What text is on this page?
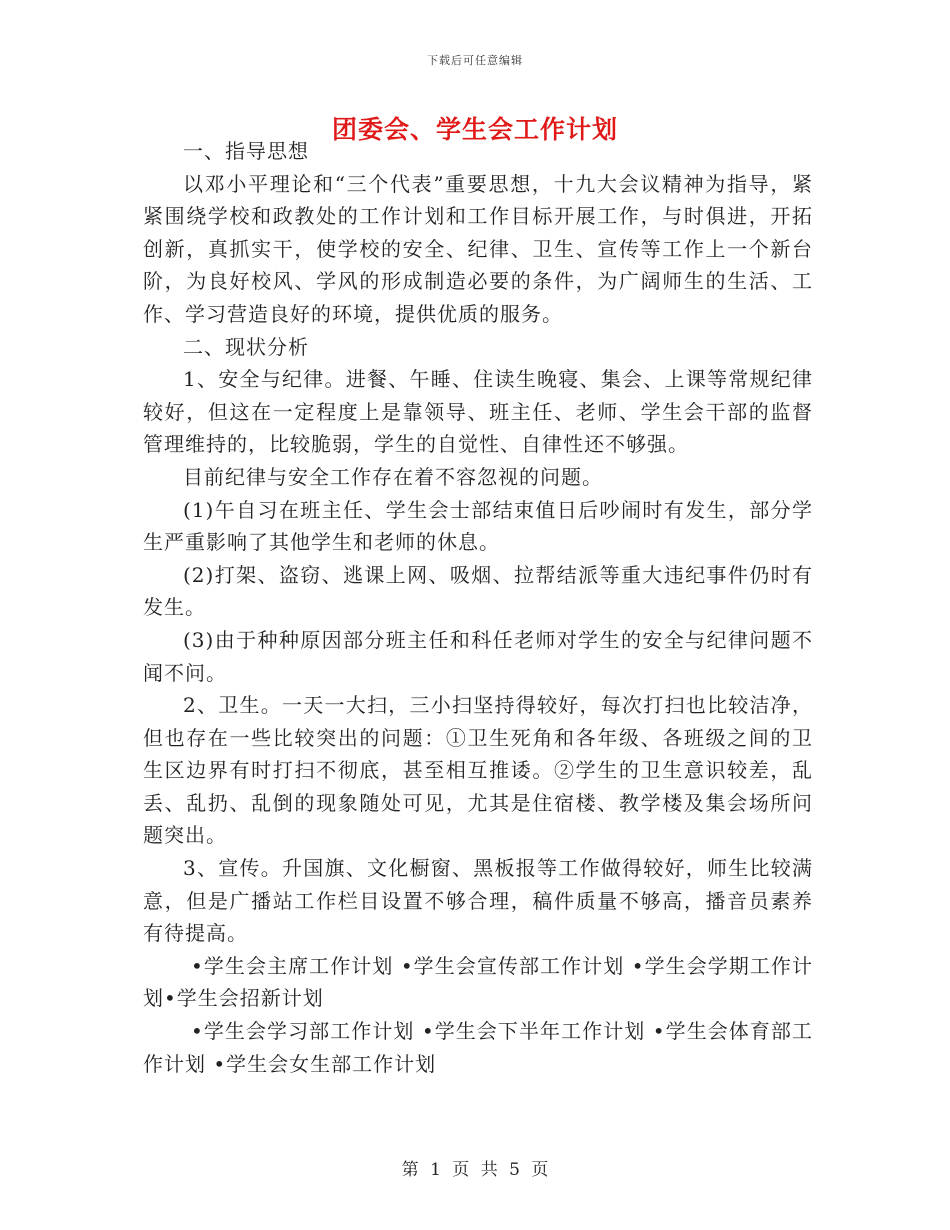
下载后可任意编辑
团委会、学生会工作计划

一、指导思想

以邓小平理论和“三个代表”重要思想，十九大会议精神为指导，紧紧围绕学校和政教处的工作计划和工作目标开展工作，与时俱进，开拓创新，真抓实干，使学校的安全、纪律、卫生、宣传等工作上一个新台阶，为良好校风、学风的形成制造必要的条件，为广阔师生的生活、工作、学习营造良好的环境，提供优质的服务。

二、现状分析

1、安全与纪律。进餐、午睡、住读生晚寝、集会、上课等常规纪律较好，但这在一定程度上是靠领导、班主任、老师、学生会干部的监督管理维持的，比较脆弱，学生的自觉性、自律性还不够强。

目前纪律与安全工作存在着不容忽视的问题。

(1)午自习在班主任、学生会士部结束值日后吵闹时有发生，部分学生严重影响了其他学生和老师的休息。

(2)打架、盗窃、逃课上网、吸烟、拉帮结派等重大违纪事件仍时有发生。

(3)由于种种原因部分班主任和科任老师对学生的安全与纪律问题不闻不问。

2、卫生。一天一大扫，三小扫坚持得较好，每次打扫也比较洁净，但也存在一些比较突出的问题：①卫生死角和各年级、各班级之间的卫生区边界有时打扫不彻底，甚至相互推诿。②学生的卫生意识较差，乱丢、乱扔、乱倒的现象随处可见，尤其是住宿楼、教学楼及集会场所问题突出。

3、宣传。升国旗、文化橱窗、黑板报等工作做得较好，师生比较满意，但是广播站工作栏目设置不够合理，稿件质量不够高，播音员素养有待提高。

•学生会主席工作计划 •学生会宣传部工作计划 •学生会学期工作计划•学生会招新计划

•学生会学习部工作计划 •学生会下半年工作计划 •学生会体育部工作计划 •学生会女生部工作计划

第 1 页 共 5 页
